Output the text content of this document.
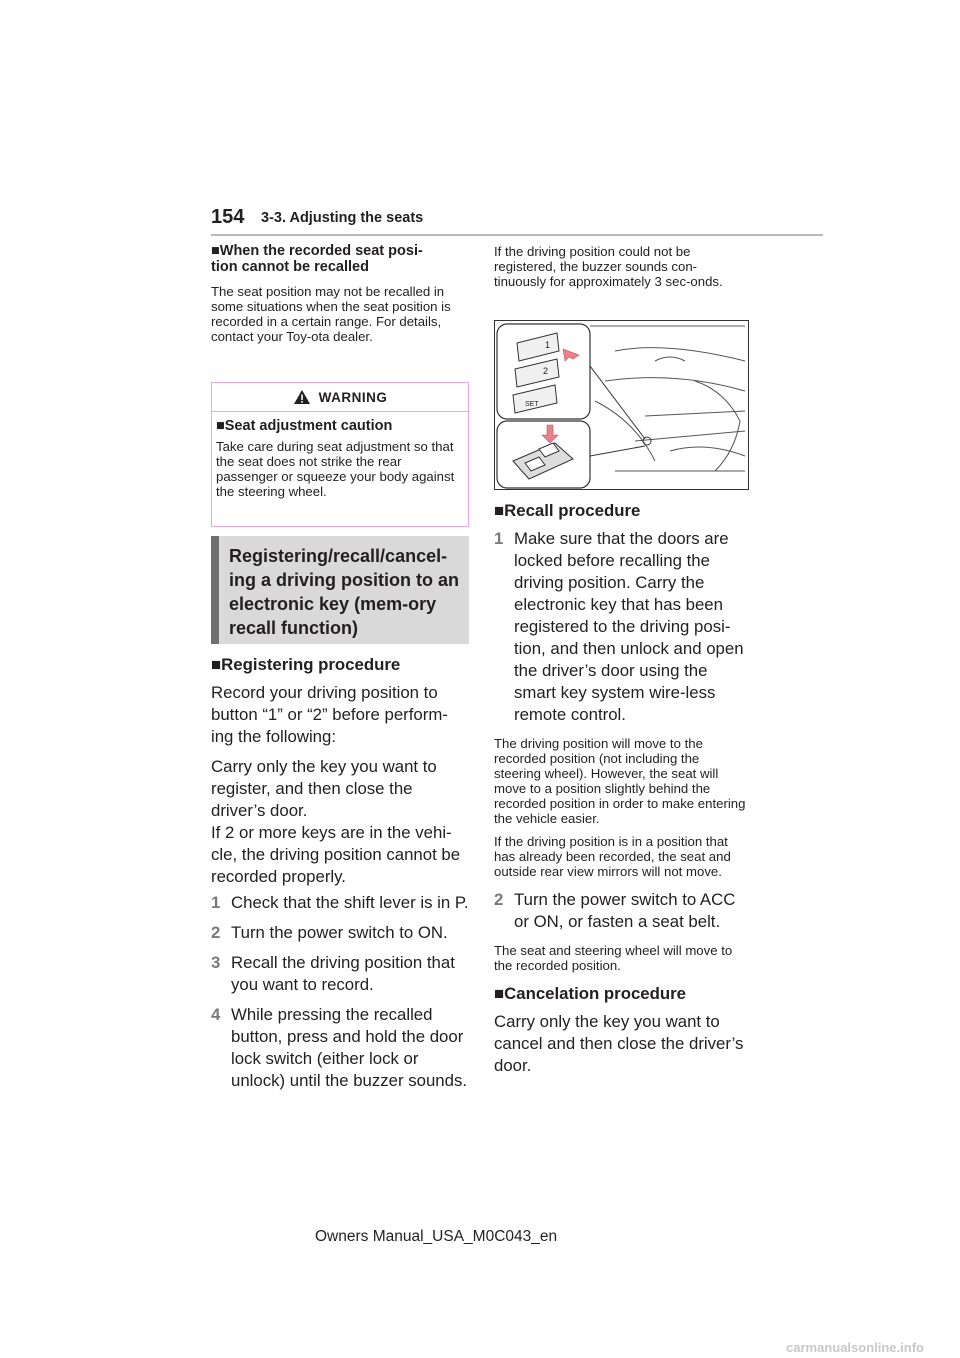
154 3-3. Adjusting the seats
■When the recorded seat posi-
tion cannot be recalled
The seat position may not be recalled in some situations when the seat position is recorded in a certain range. For details, contact your Toy-ota dealer.
WARNING
■Seat adjustment caution
Take care during seat adjustment so that the seat does not strike the rear passenger or squeeze your body against the steering wheel.
Registering/recall/cancel-ing a driving position to an electronic key (mem-ory recall function)
■Registering procedure
Record your driving position to button “1” or “2” before perform-ing the following:
Carry only the key you want to register, and then close the driver’s door.
If 2 or more keys are in the vehi-cle, the driving position cannot be recorded properly.
1 Check that the shift lever is in P.
2 Turn the power switch to ON.
3 Recall the driving position that you want to record.
4 While pressing the recalled button, press and hold the door lock switch (either lock or unlock) until the buzzer sounds.
If the driving position could not be registered, the buzzer sounds con-tinuously for approximately 3 sec-onds.
1
2
SET
■Recall procedure
1 Make sure that the doors are locked before recalling the driving position. Carry the electronic key that has been registered to the driving posi-tion, and then unlock and open the driver’s door using the smart key system wire-less remote control.
The driving position will move to the recorded position (not including the steering wheel). However, the seat will move to a position slightly behind the recorded position in order to make entering the vehicle easier.
If the driving position is in a position that has already been recorded, the seat and outside rear view mirrors will not move.
2 Turn the power switch to ACC or ON, or fasten a seat belt.
The seat and steering wheel will move to the recorded position.
■Cancelation procedure
Carry only the key you want to cancel and then close the driver’s door.
Owners Manual_USA_M0C043_en
carmanualsonline.info
